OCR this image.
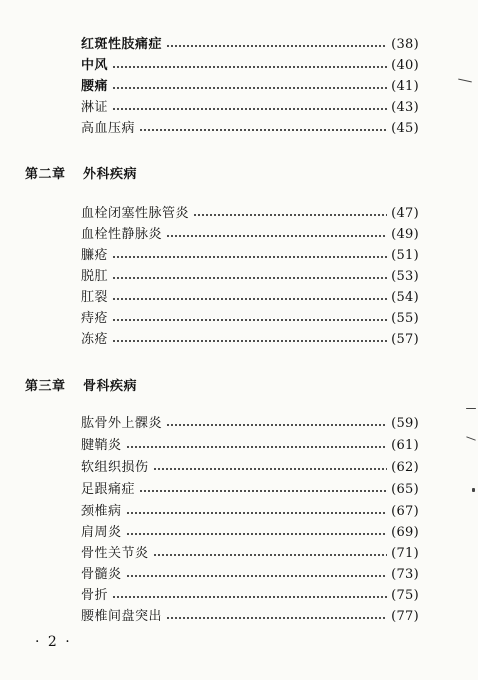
红斑性肢痛症	(38)
中风	(40)
腰痛	(41)
淋证	(43)
高血压病	(45)
第二章	外科疾病
血栓闭塞性脉管炎	(47)
血栓性静脉炎	(49)
臁疮	(51)
脱肛	(53)
肛裂	(54)
痔疮	(55)
冻疮	(57)
第三章	骨科疾病
肱骨外上髁炎	(59)
腱鞘炎	(61)
软组织损伤	(62)
足跟痛症	(65)
颈椎病	(67)
肩周炎	(69)
骨性关节炎	(71)
骨髓炎	(73)
骨折	(75)
腰椎间盘突出	(77)
· 2 ·
